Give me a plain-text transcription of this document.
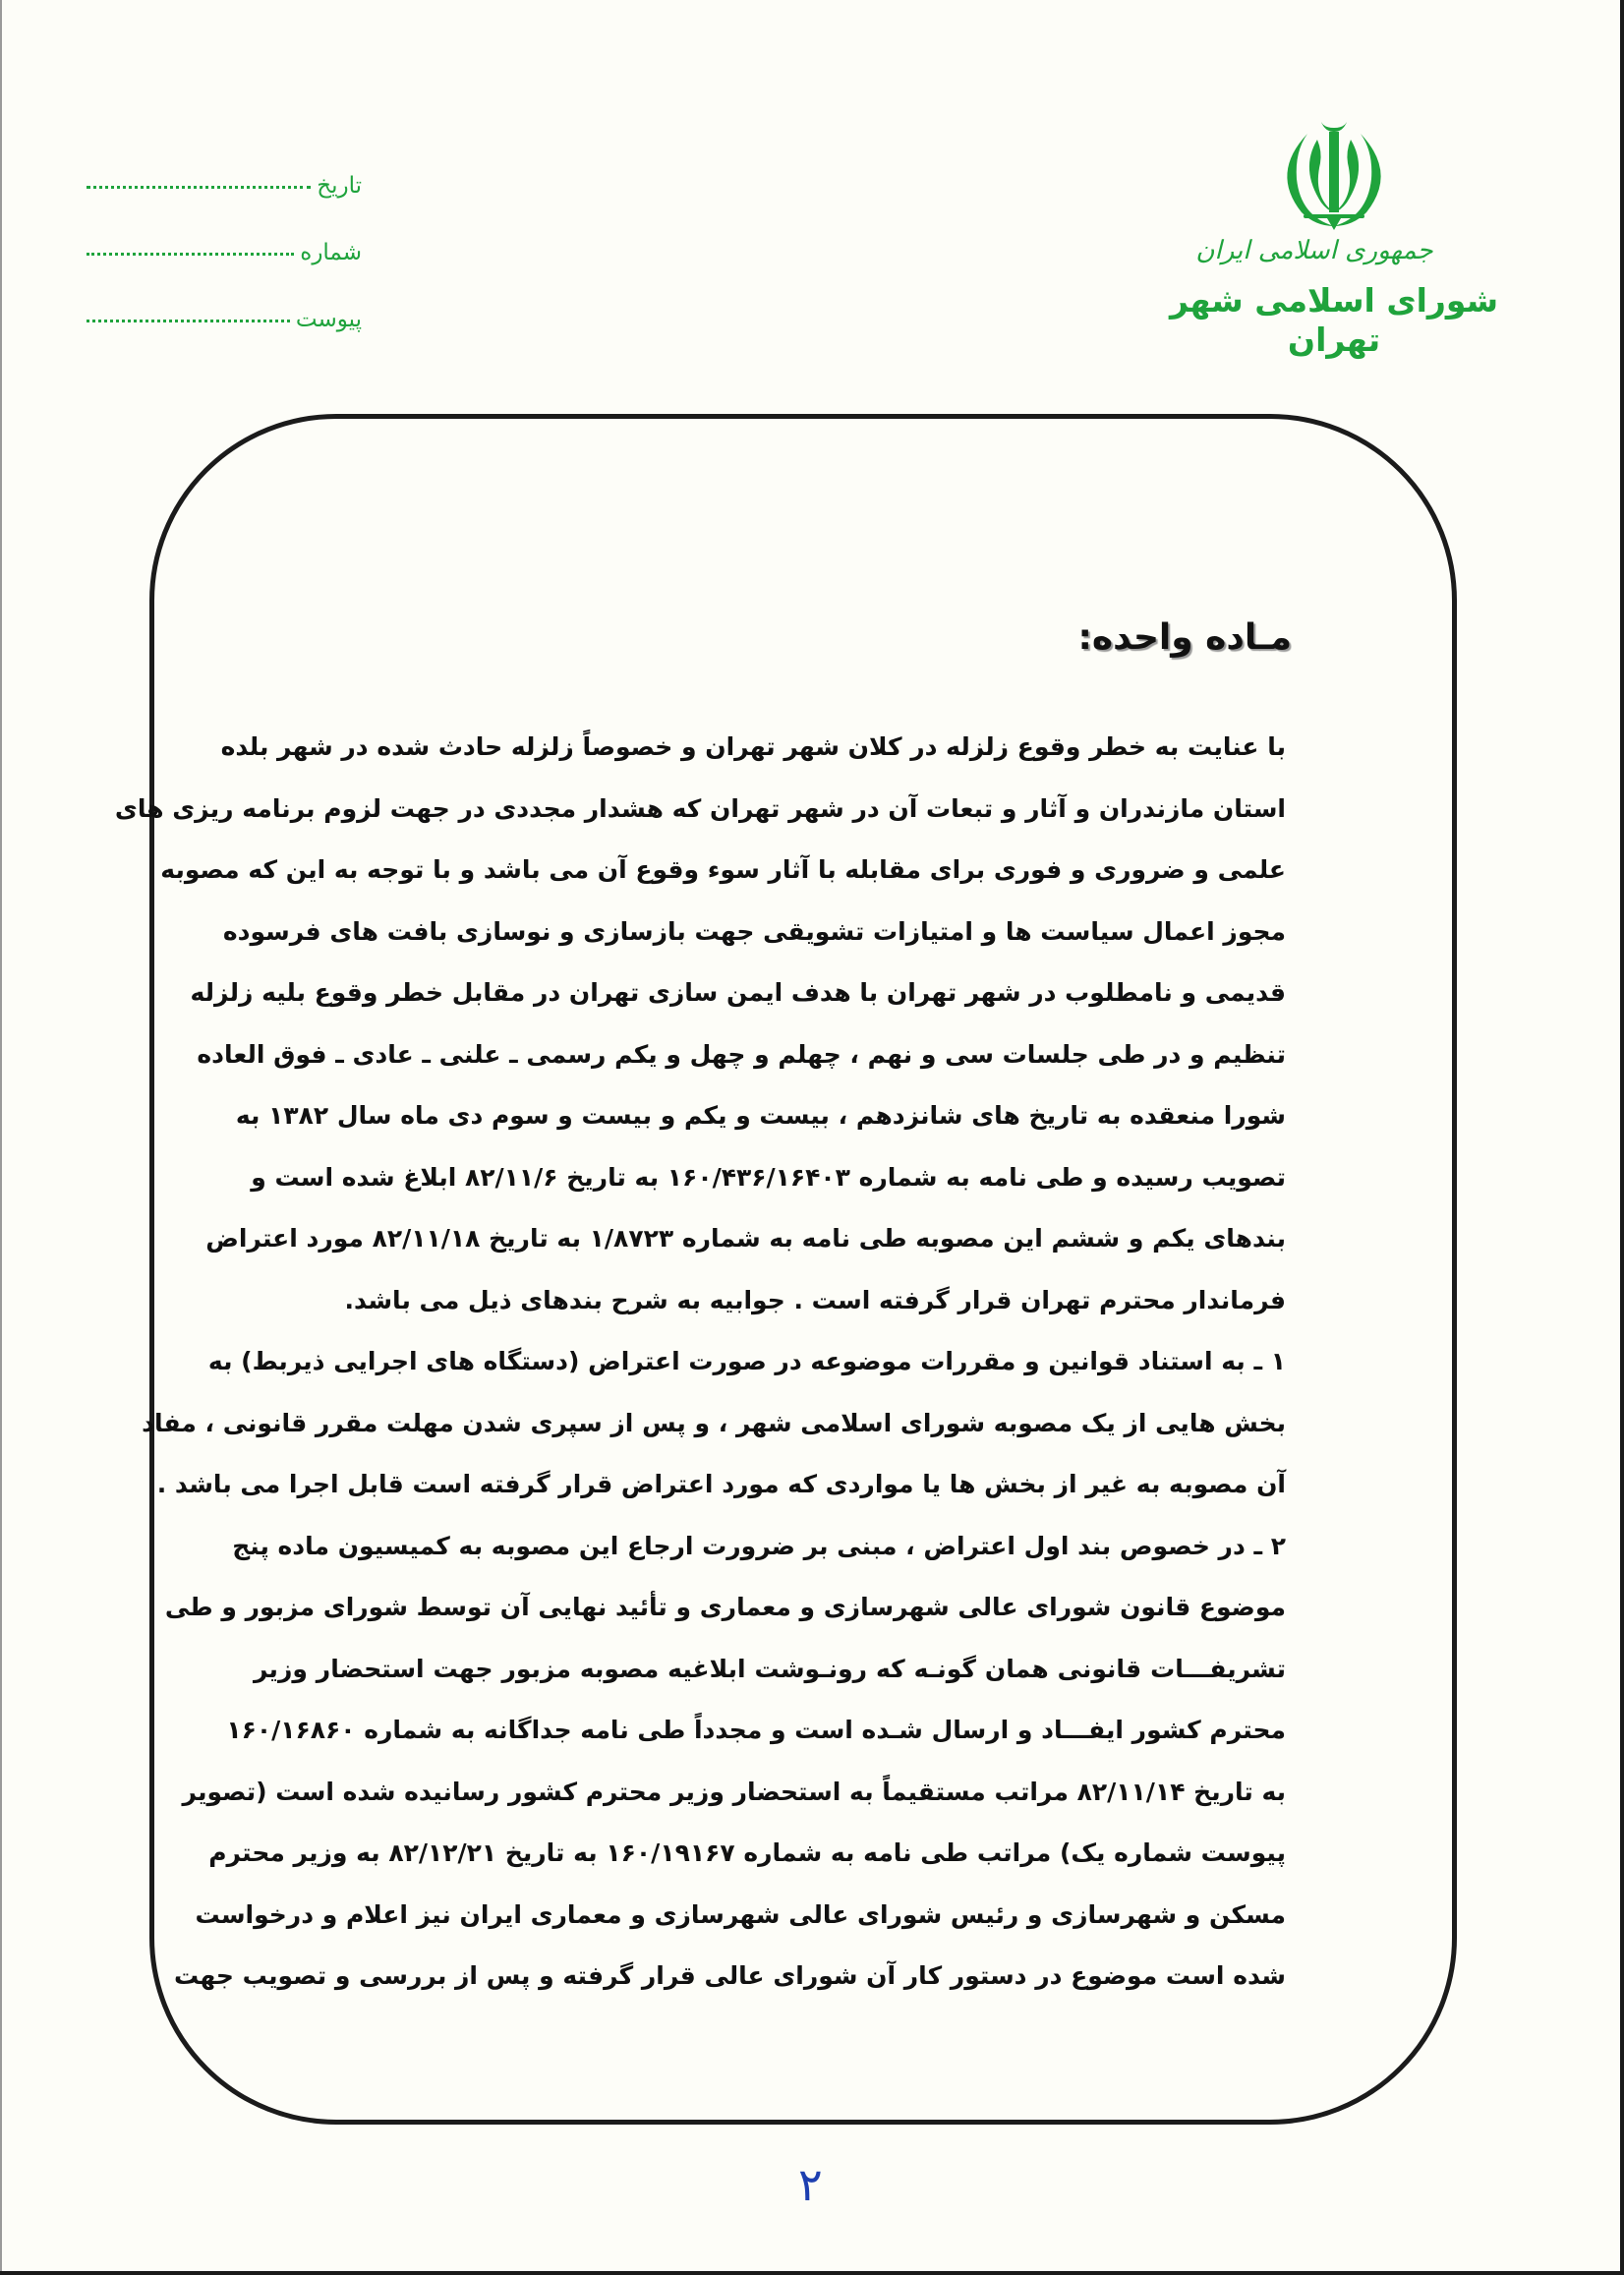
جمهوری اسلامی ایران
شورای اسلامی شهر تهران
تاریخ
شماره
پیوست
مـاده واحده:
با عنایت به خطر وقوع زلزله در کلان شهر تهران و خصوصاً زلزله حادث شده در شهر بلده
استان مازندران و آثار و تبعات آن در شهر تهران که هشدار مجددی در جهت لزوم برنامه ریزی های
علمی و ضروری و فوری برای مقابله با آثار سوء وقوع آن می باشد و با توجه به این که مصوبه
مجوز اعمال سیاست ها و امتیازات تشویقی جهت بازسازی و نوسازی بافت های فرسوده
قدیمی و نامطلوب در شهر تهران با هدف ایمن سازی تهران در مقابل خطر وقوع بلیه زلزله
تنظیم و در طی جلسات سی و نهم ، چهلم و چهل و یکم رسمی ـ علنی ـ عادی ـ فوق العاده
شورا منعقده به تاریخ های شانزدهم ، بیست و یکم و بیست و سوم دی ماه سال ۱۳۸۲ به
تصویب رسیده و طی نامه به شماره ۱۶۰/۴۳۶/۱۶۴۰۳ به تاریخ ۸۲/۱۱/۶ ابلاغ شده است و
بندهای یکم و ششم این مصوبه طی نامه به شماره ۱/۸۷۲۳ به تاریخ ۸۲/۱۱/۱۸ مورد اعتراض
فرماندار محترم تهران قرار گرفته است . جوابیه به شرح بندهای ذیل می باشد.
۱ ـ به استناد قوانین و مقررات موضوعه در صورت اعتراض (دستگاه های اجرایی ذیربط) به
بخش هایی از یک مصوبه شورای اسلامی شهر ، و پس از سپری شدن مهلت مقرر قانونی ، مفاد
آن مصوبه به غیر از بخش ها یا مواردی که مورد اعتراض قرار گرفته است قابل اجرا می باشد .
۲ ـ در خصوص بند اول اعتراض ، مبنی بر ضرورت ارجاع این مصوبه به کمیسیون ماده پنج
موضوع قانون شورای عالی شهرسازی و معماری و تأئید نهایی آن توسط شورای مزبور و طی
تشریفـــات قانونی همان گونـه که رونـوشت ابلاغیه مصوبه مزبور جهت استحضار وزیر
محترم کشور ایفـــاد و ارسال شـده است و مجدداً طی نامه جداگانه به شماره ۱۶۰/۱۶۸۶۰
به تاریخ ۸۲/۱۱/۱۴ مراتب مستقیماً به استحضار وزیر محترم کشور رسانیده شده است (تصویر
پیوست شماره یک) مراتب طی نامه به شماره ۱۶۰/۱۹۱۶۷ به تاریخ ۸۲/۱۲/۲۱ به وزیر محترم
مسکن و شهرسازی و رئیس شورای عالی شهرسازی و معماری ایران نیز اعلام و درخواست
شده است موضوع در دستور کار آن شورای عالی قرار گرفته و پس از بررسی و تصویب جهت
۲
